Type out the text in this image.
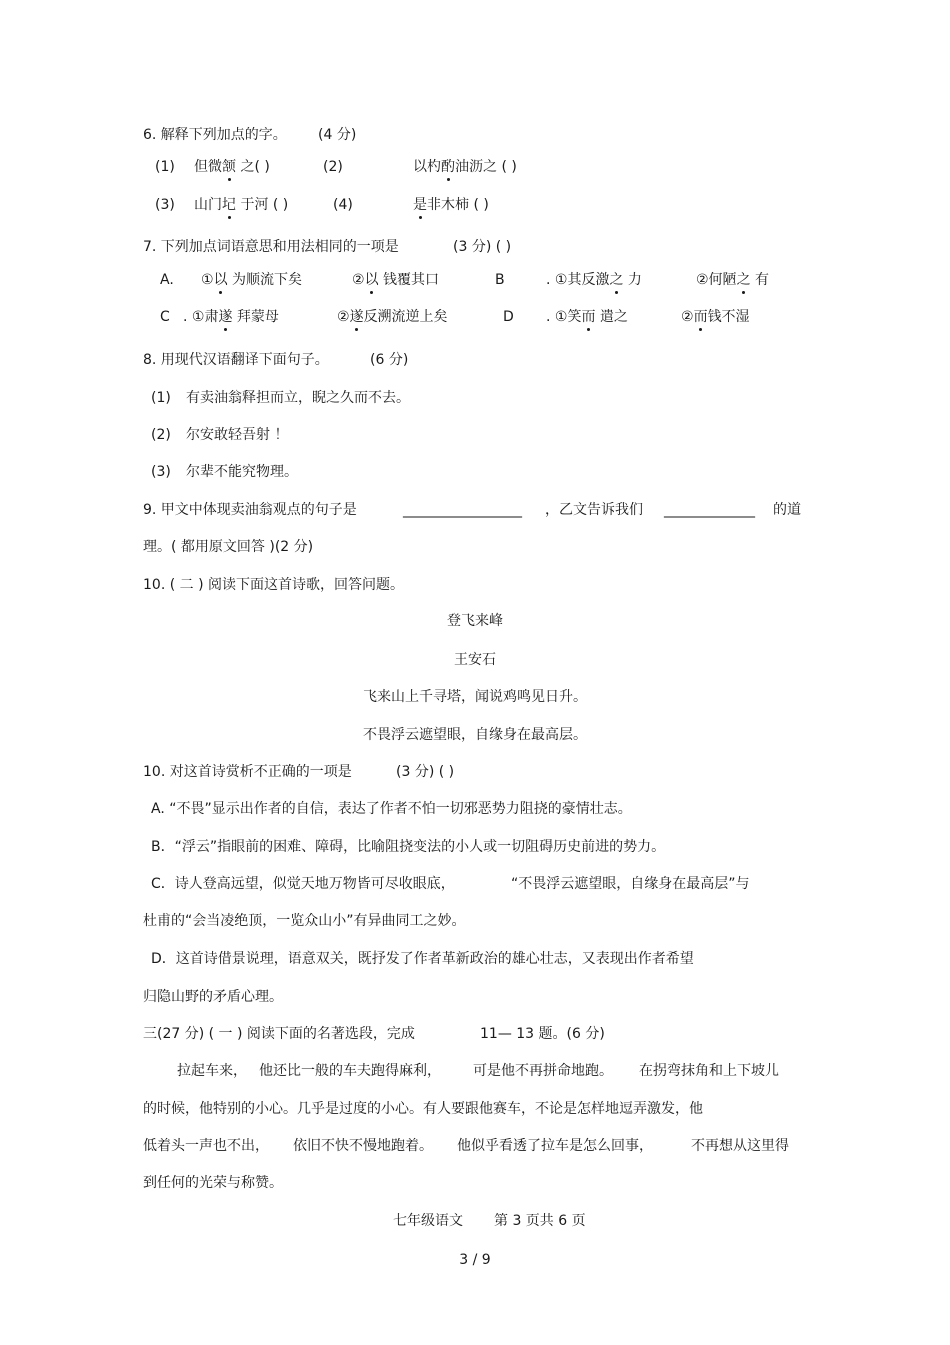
6. 解释下列加点的字。 (4 分)
(1) 但微颔 之( )	(2)	以杓酌油沥之 ( )
(3) 山门圮 于河 ( )	(4)	是非木柿 ( )
7. 下列加点词语意思和用法相同的一项是	(3 分) ( )
A. ①以 为顺流下矣	②以 钱覆其口	B	. ①其反激之 力	②何陋之 有
C . ①肃遂 拜蒙母	②遂反溯流逆上矣	D . ①笑而 遣之	②而钱不湿
8. 用现代汉语翻译下面句子。	(6 分)
(1) 有卖油翁释担而立，睨之久而不去。
(2) 尔安敢轻吾射 ！
(3) 尔辈不能究物理。
9. 甲文中体现卖油翁观点的句子是	_________________ ，乙文告诉我们 _____________ 的道
理。( 都用原文回答 )(2 分)
10. ( 二 ) 阅读下面这首诗歌，回答问题。
登飞来峰
王安石
飞来山上千寻塔，闻说鸡鸣见日升。
不畏浮云遮望眼，自缘身在最高层。
10. 对这首诗赏析不正确的一项是	(3 分) ( )
A. “不畏”显示出作者的自信，表达了作者不怕一切邪恶势力阻挠的豪情壮志。
B．“浮云”指眼前的困难、障碍，比喻阻挠变法的小人或一切阻碍历史前进的势力。
C．诗人登高远望，似觉天地万物皆可尽收眼底，	“不畏浮云遮望眼，自缘身在最高层”与
杜甫的“会当凌绝顶，一览众山小”有异曲同工之妙。
D．这首诗借景说理，语意双关，既抒发了作者革新政治的雄心壮志，又表现出作者希望
归隐山野的矛盾心理。
三(27 分) ( 一 ) 阅读下面的名著选段，完成	11— 13 题。(6 分)
拉起车来， 他还比一般的车夫跑得麻利， 可是他不再拼命地跑。 在拐弯抹角和上下坡儿
的时候，他特别的小心。几乎是过度的小心。有人要跟他赛车，不论是怎样地逗弄激发，他
低着头一声也不出， 依旧不快不慢地跑着。 他似乎看透了拉车是怎么回事，	不再想从这里得
到任何的光荣与称赞。
七年级语文 第 3 页共 6 页
3 / 9
